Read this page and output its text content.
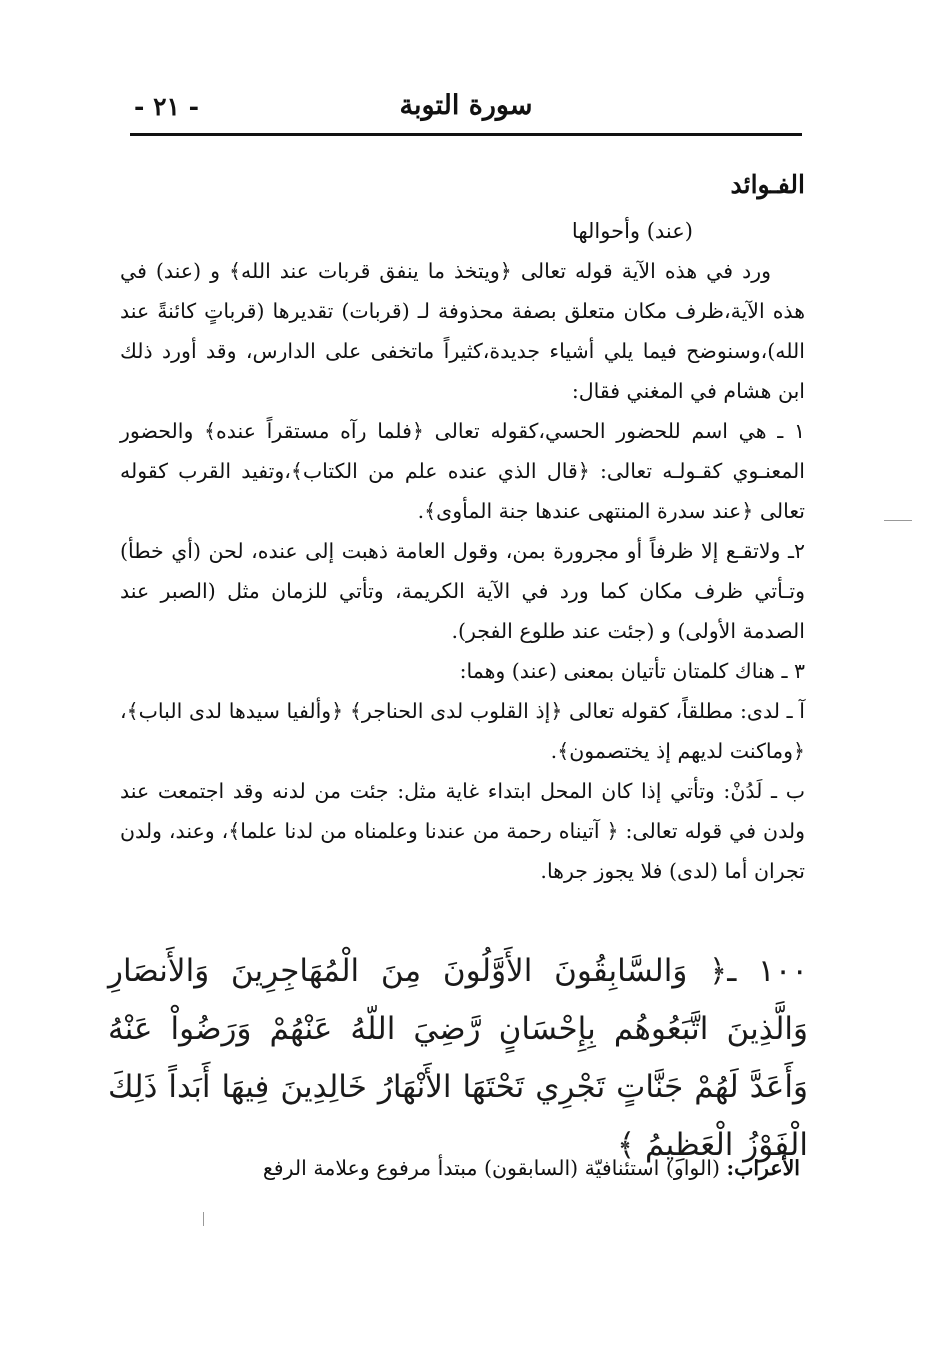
سورة التوبة
- ٢١ -
الفـوائد
(عند) وأحوالها

ورد في هذه الآية قوله تعالى ﴿ويتخذ ما ينفق قربات عند الله﴾ و (عند) في هذه الآية،ظرف مكان متعلق بصفة محذوفة لـ (قربات) تقديرها (قرباتٍ كائنةً عند الله)،وسنوضح فيما يلي أشياء جديدة،كثيراً ماتخفى على الدارس، وقد أورد ذلك ابن هشام في المغني فقال:

١ ـ هي اسم للحضور الحسي،كقوله تعالى ﴿فلما رآه مستقراً عنده﴾ والحضور المعنـوي كقـولـه تعالى: ﴿قال الذي عنده علم من الكتاب﴾،وتفيد القرب كقوله تعالى ﴿عند سدرة المنتهى عندها جنة المأوى﴾.

٢ـ ولاتقـع إلا ظرفاً أو مجرورة بمن، وقول العامة ذهبت إلى عنده، لحن (أي خطأ) وتـأتي ظرف مكان كما ورد في الآية الكريمة، وتأتي للزمان مثل (الصبر عند الصدمة الأولى) و (جئت عند طلوع الفجر).

٣ ـ هناك كلمتان تأتيان بمعنى (عند) وهما:

آ ـ لدى: مطلقاً، كقوله تعالى ﴿إذ القلوب لدى الحناجر﴾ ﴿وألفيا سيدها لدى الباب﴾، ﴿وماكنت لديهم إذ يختصمون﴾.

ب ـ لَدُنْ: وتأتي إذا كان المحل ابتداء غاية مثل: جئت من لدنه وقد اجتمعت عند ولدن في قوله تعالى: ﴿ آتيناه رحمة من عندنا وعلمناه من لدنا علما﴾، وعند، ولدن تجران أما (لدى) فلا يجوز جرها.

١٠٠ ـ﴿ وَالسَّابِقُونَ الأَوَّلُونَ مِنَ الْمُهَاجِرِينَ وَالأَنصَارِ وَالَّذِينَ اتَّبَعُوهُم بِإِحْسَانٍ رَّضِيَ اللّهُ عَنْهُمْ وَرَضُواْ عَنْهُ وَأَعَدَّ لَهُمْ جَنَّاتٍ تَجْرِي تَحْتَهَا الأَنْهَارُ خَالِدِينَ فِيهَا أَبَداً ذَلِكَ الْفَوْزُ الْعَظِيمُ ﴾
الأعراب: (الواو) استئنافيّة (السابقون) مبتدأ مرفوع وعلامة الرفع
